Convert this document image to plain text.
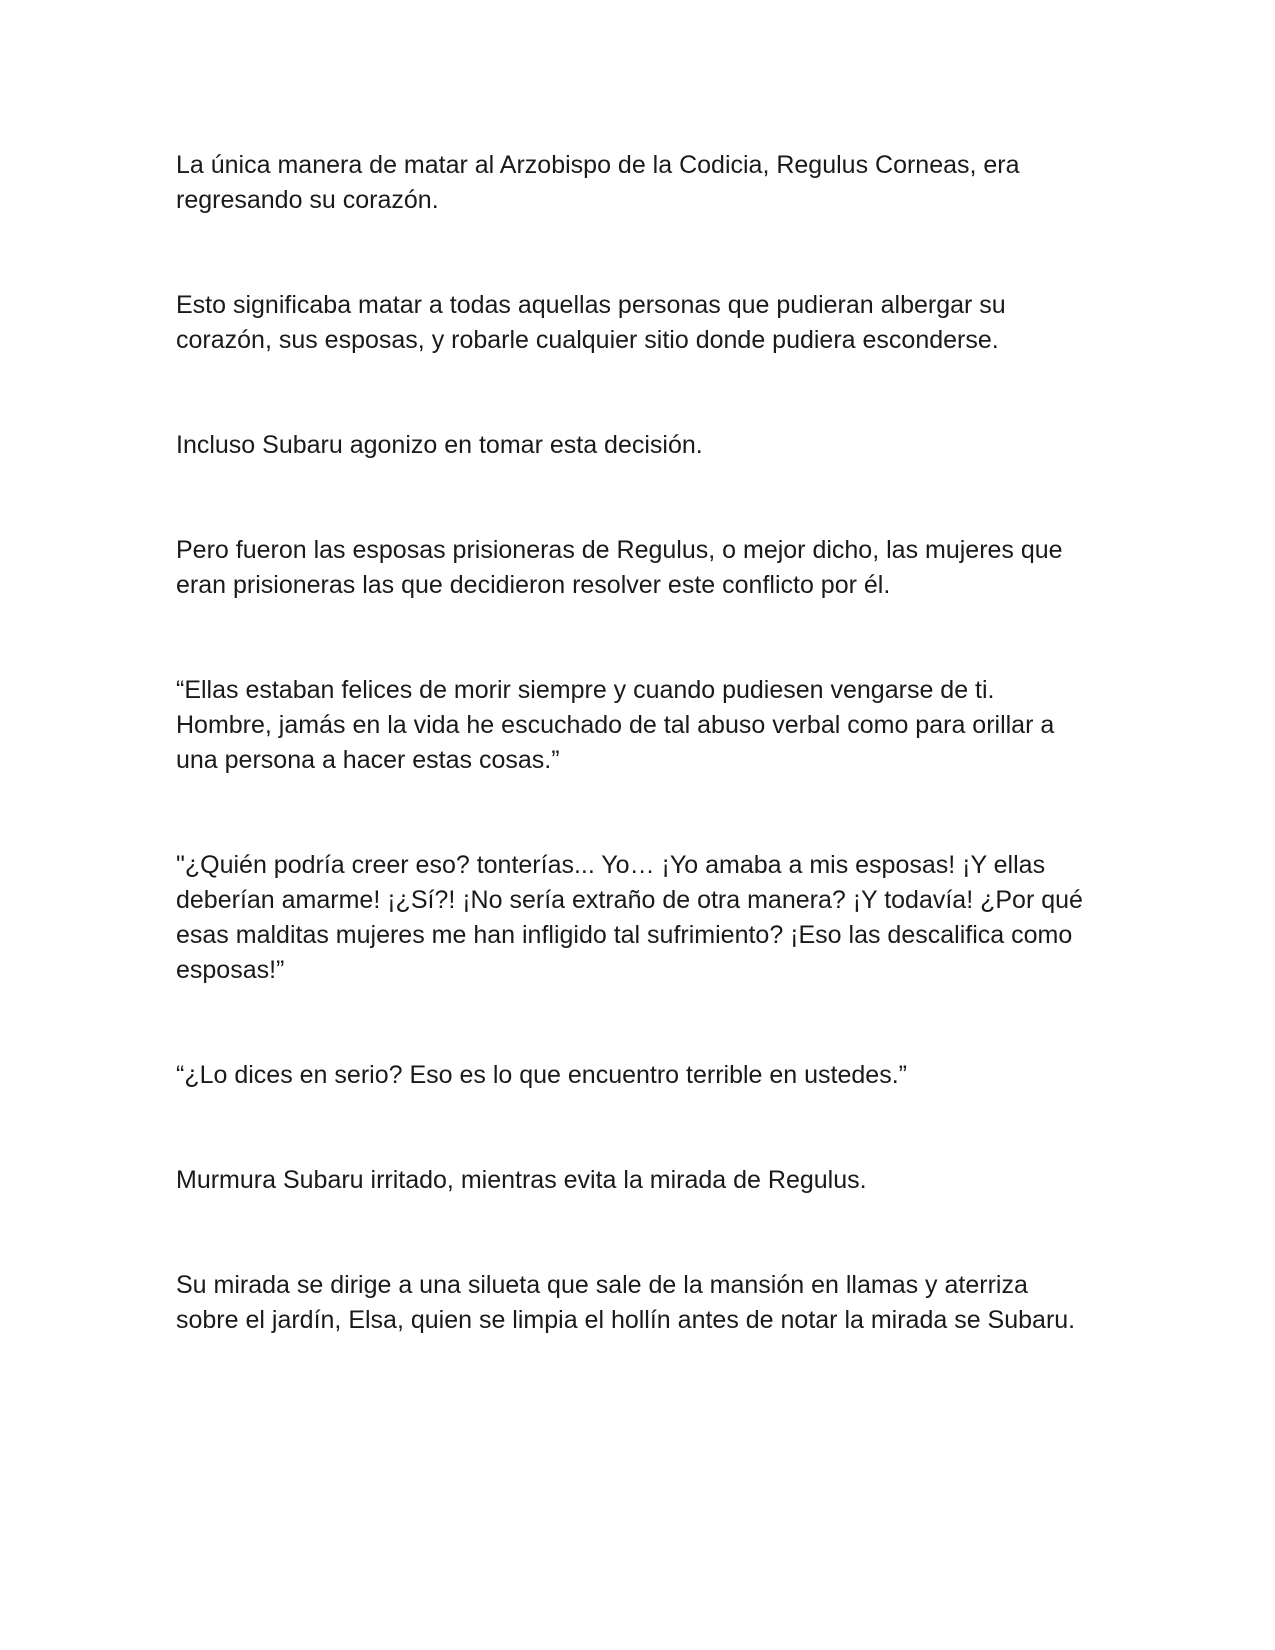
La única manera de matar al Arzobispo de la Codicia, Regulus Corneas, era regresando su corazón.

Esto significaba matar a todas aquellas personas que pudieran albergar su corazón, sus esposas, y robarle cualquier sitio donde pudiera esconderse.

Incluso Subaru agonizo en tomar esta decisión.

Pero fueron las esposas prisioneras de Regulus, o mejor dicho, las mujeres que eran prisioneras las que decidieron resolver este conflicto por él.

“Ellas estaban felices de morir siempre y cuando pudiesen vengarse de ti. Hombre, jamás en la vida he escuchado de tal abuso verbal como para orillar a una persona a hacer estas cosas.”

"¿Quién podría creer eso? tonterías... Yo… ¡Yo amaba a mis esposas! ¡Y ellas deberían amarme! ¡¿Sí?! ¡No sería extraño de otra manera? ¡Y todavía! ¿Por qué esas malditas mujeres me han infligido tal sufrimiento? ¡Eso las descalifica como esposas!”

“¿Lo dices en serio? Eso es lo que encuentro terrible en ustedes.”

Murmura Subaru irritado, mientras evita la mirada de Regulus.

Su mirada se dirige a una silueta que sale de la mansión en llamas y aterriza sobre el jardín, Elsa, quien se limpia el hollín antes de notar la mirada se Subaru.
